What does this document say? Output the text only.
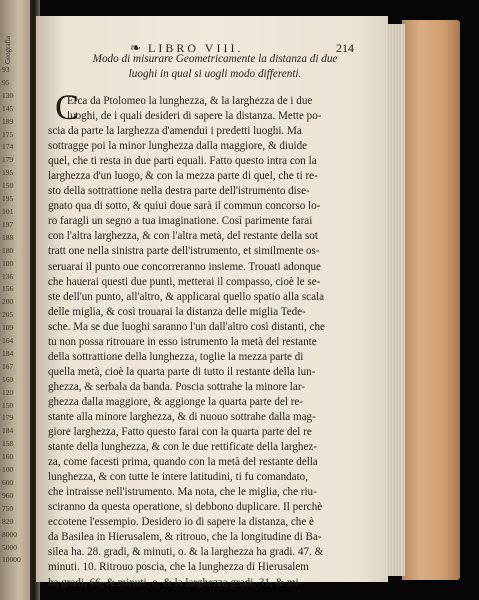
Geografia
93
95
130
145
189
175
174
179
195
150
195
101
197
188
180
100
136
156
200
205
109
164
184
167
160
120
150
179
184
158
160
100
600
960
750
820
8000
5000
10000
❧ LIBRO VIII.	214
Modo di misurare Geometricamente la distanza di due
luoghi in qual si uogli modo differenti.
C
Erca da Ptolomeo la lunghezza, & la larghezza de i due
luoghi, de i quali desideri di sapere la distanza. Mette po-
scia da parte la larghezza d'amendui i predetti luoghi. Ma
sottragge poi la minor lunghezza dalla maggiore, & diuide
quel, che ti resta in due parti equali. Fatto questo intra con la
larghezza d'un luogo, & con la mezza parte di quel, che ti re-
sto della sottrattione nella destra parte dell'istrumento dise-
gnato qua di sotto, & quiui doue sarà il commun concorso lo-
ro faragli un segno a tua imaginatione. Così parimente farai
con l'altra larghezza, & con l'altra metà, del restante della sot
tratt one nella sinistra parte dell'istrumento, et similmente os-
seruarai il punto oue concorreranno insieme. Trouati adonque
che hauerai questi due punti, metterai il compasso, cioè le se-
ste dell'un punto, all'altro, & applicarai quello spatio alla scala
delle miglia, & così trouarai la distanza delle miglia Tede-
sche. Ma se due luoghi saranno l'un dall'altro così distanti, che
tu non possa ritrouare in esso istrumento la metà del restante
della sottrattione della lunghezza, toglie la mezza parte di
quella metà, cioè la quarta parte di tutto il restante della lun-
ghezza, & serbala da banda. Poscia sottrahe la minore lar-
ghezza dalla maggiore, & aggionge la quarta parte del re-
stante alla minore larghezza, & di nuouo sottrahe dalla mag-
giore larghezza, Fatto questo farai con la quarta parte del re
stante della lunghezza, & con le due rettificate della larghez-
za, come facesti prima, quando con la metà del restante della
lunghezza, & con tutte le intere latitudini, ti fu comandato,
che intraisse nell'istrumento. Ma nota, che le miglia, che riu-
sciranno da questa operatione, si debbono duplicare. Il perchè
eccotene l'essempio. Desidero io di sapere la distanza, che è
da Basilea in Hierusalem, & ritrouo, che la longitudine di Ba-
silea ha. 28. gradi, & minuti, o. & la larghezza ha gradi. 47. &
minuti. 10. Ritrouo poscia, che la lunghezza di Hierusalem
ha gradi, 66, & minuti, o, & la larghezza gradi. 31, & mi-
